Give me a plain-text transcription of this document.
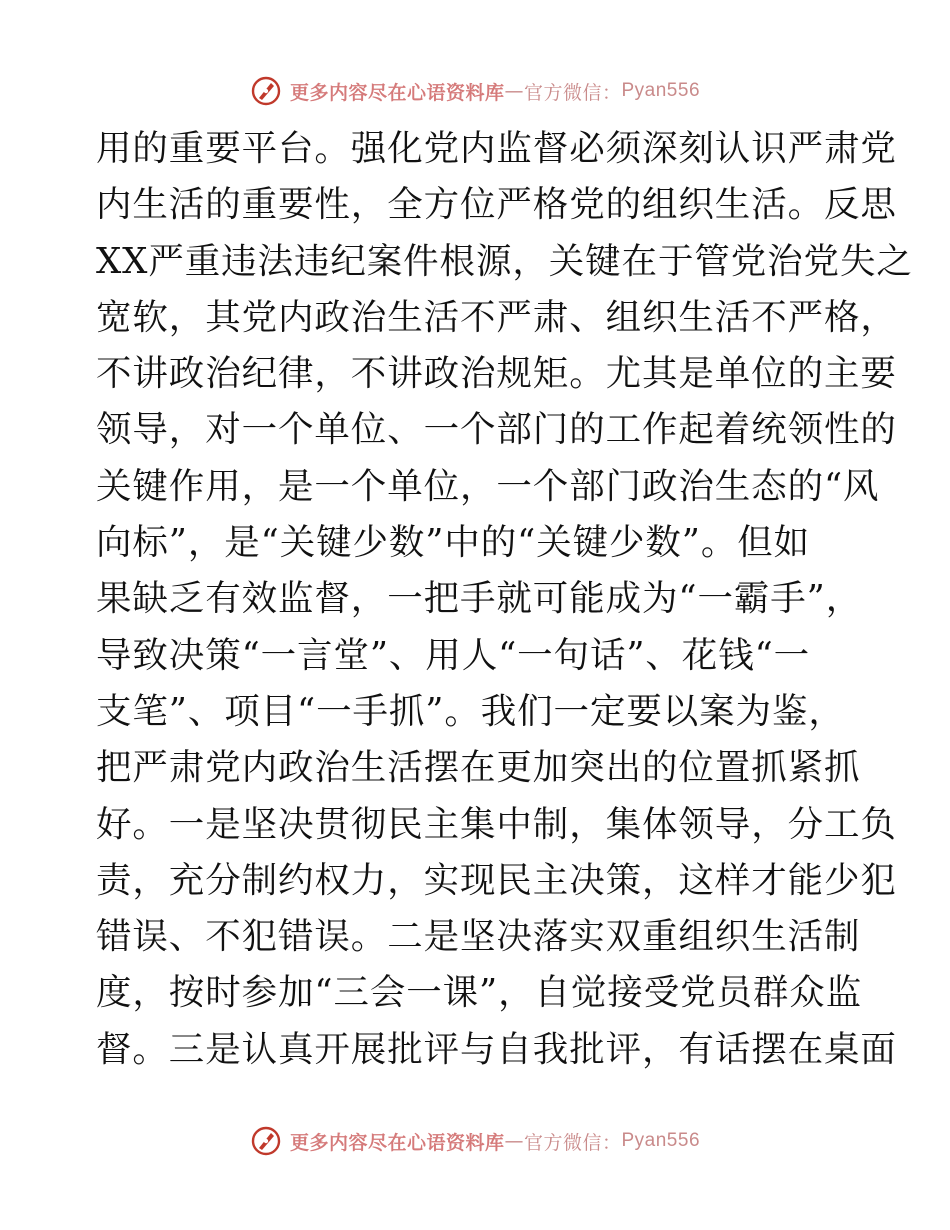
更多内容尽在心语资料库 — 官方微信： Pyan556
用的重要平台。强化党内监督必须深刻认识严肃党
内生活的重要性，全方位严格党的组织生活。反思
XX严重违法违纪案件根源，关键在于管党治党失之
宽软，其党内政治生活不严肃、组织生活不严格，
不讲政治纪律，不讲政治规矩。尤其是单位的主要
领导，对一个单位、一个部门的工作起着统领性的
关键作用，是一个单位，一个部门政治生态的“风
向标”，是“关键少数”中的“关键少数”。但如
果缺乏有效监督，一把手就可能成为“一霸手”，
导致决策“一言堂”、用人“一句话”、花钱“一
支笔”、项目“一手抓”。我们一定要以案为鉴，
把严肃党内政治生活摆在更加突出的位置抓紧抓
好。一是坚决贯彻民主集中制，集体领导，分工负
责，充分制约权力，实现民主决策，这样才能少犯
错误、不犯错误。二是坚决落实双重组织生活制
度，按时参加“三会一课”，自觉接受党员群众监
督。三是认真开展批评与自我批评，有话摆在桌面
更多内容尽在心语资料库 — 官方微信： Pyan556
